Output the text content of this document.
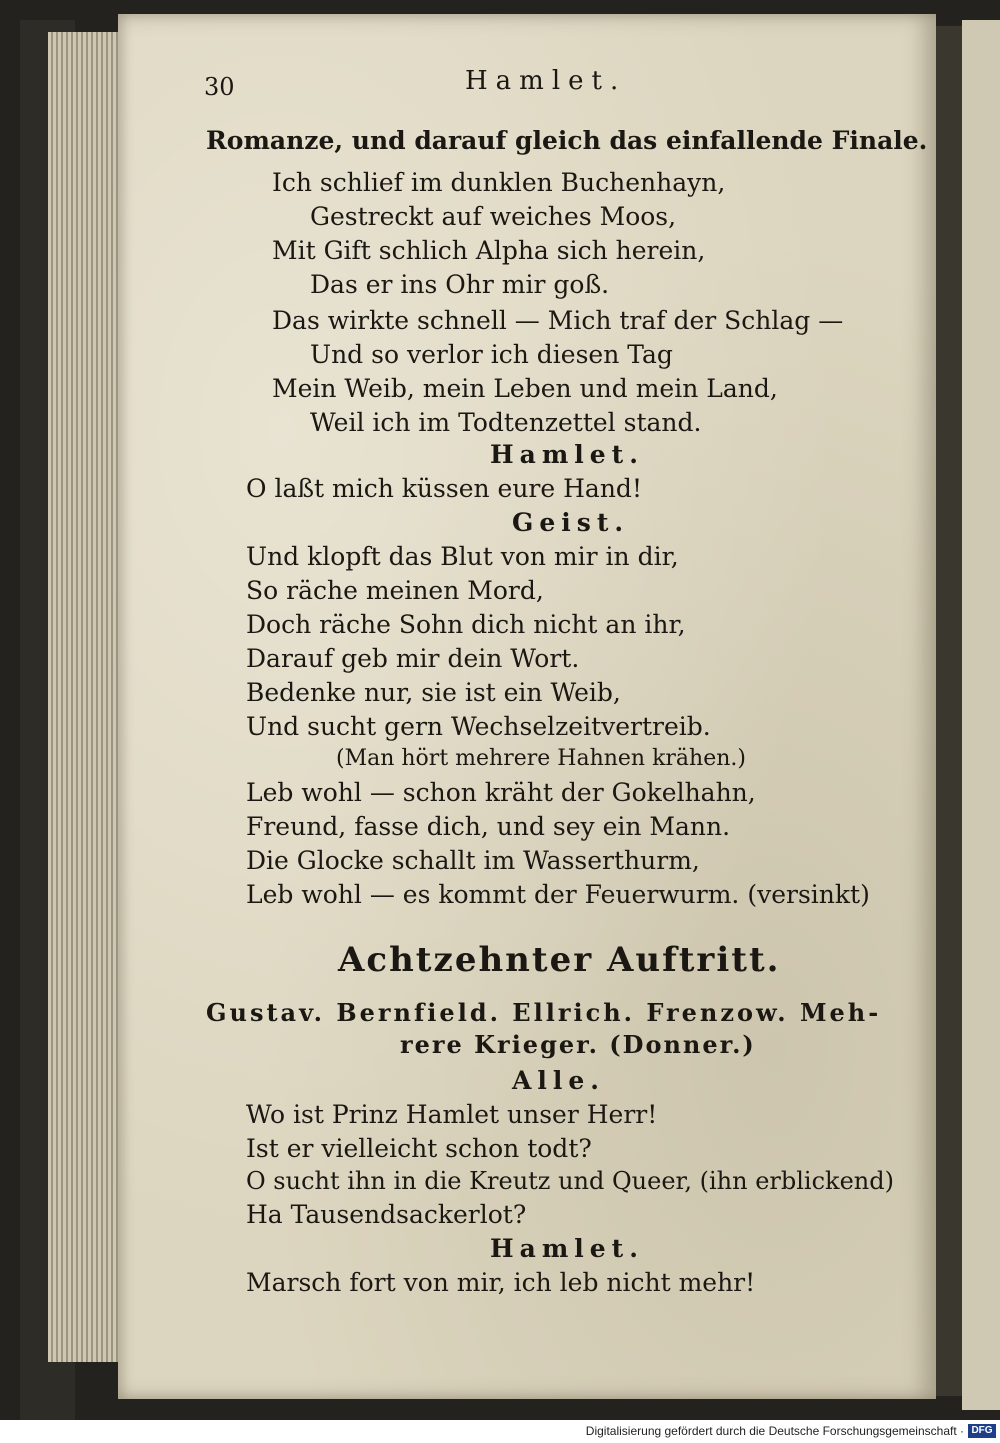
30	Hamlet.
Romanze, und darauf gleich das einfallende Finale.
Ich schlief im dunklen Buchenhayn,
Gestreckt auf weiches Moos,
Mit Gift schlich Alpha sich herein,
Das er ins Ohr mir goß.
Das wirkte schnell — Mich traf der Schlag —
Und so verlor ich diesen Tag
Mein Weib, mein Leben und mein Land,
Weil ich im Todtenzettel stand.
Hamlet.
O laßt mich küssen eure Hand!
Geist.
Und klopft das Blut von mir in dir,
So räche meinen Mord,
Doch räche Sohn dich nicht an ihr,
Darauf geb mir dein Wort.
Bedenke nur, sie ist ein Weib,
Und sucht gern Wechselzeitvertreib.
(Man hört mehrere Hahnen krähen.)
Leb wohl — schon kräht der Gokelhahn,
Freund, fasse dich, und sey ein Mann.
Die Glocke schallt im Wasserthurm,
Leb wohl — es kommt der Feuerwurm. (versinkt)
Achtzehnter Auftritt.
Gustav. Bernfield. Ellrich. Frenzow. Meh-
rere Krieger. (Donner.)
Alle.
Wo ist Prinz Hamlet unser Herr!
Ist er vielleicht schon todt?
O sucht ihn in die Kreutz und Queer, (ihn erblickend)
Ha Tausendsackerlot?
Hamlet.
Marsch fort von mir, ich leb nicht mehr!
Digitalisierung gefördert durch die Deutsche Forschungsgemeinschaft · DFG
